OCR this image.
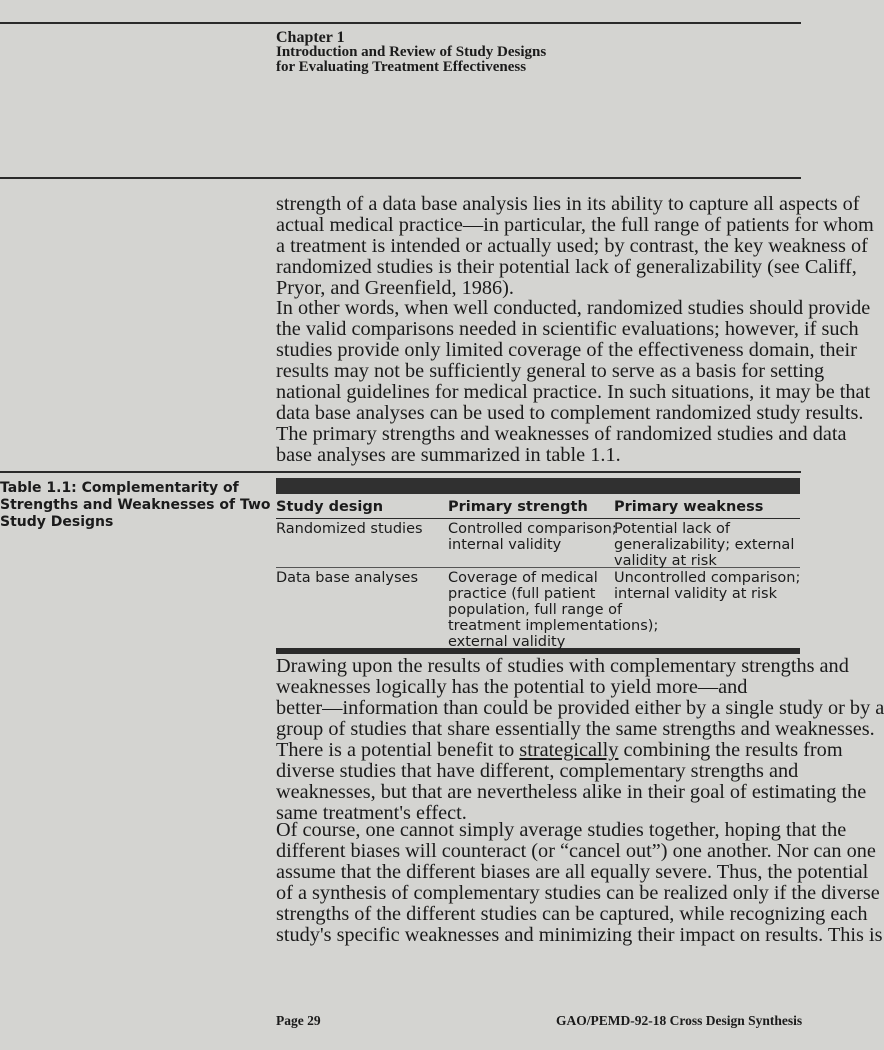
Chapter 1
Introduction and Review of Study Designs
for Evaluating Treatment Effectiveness
strength of a data base analysis lies in its ability to capture all aspects of
actual medical practice—in particular, the full range of patients for whom
a treatment is intended or actually used; by contrast, the key weakness of
randomized studies is their potential lack of generalizability (see Califf,
Pryor, and Greenfield, 1986).
In other words, when well conducted, randomized studies should provide
the valid comparisons needed in scientific evaluations; however, if such
studies provide only limited coverage of the effectiveness domain, their
results may not be sufficiently general to serve as a basis for setting
national guidelines for medical practice. In such situations, it may be that
data base analyses can be used to complement randomized study results.
The primary strengths and weaknesses of randomized studies and data
base analyses are summarized in table 1.1.
Table 1.1: Complementarity of
Strengths and Weaknesses of Two
Study Designs
Study design	Primary strength Primary weakness
Randomized studies Controlled comparison;
internal validity
Potential lack of
generalizability; external
validity at risk
Data base analyses Coverage of medical
practice (full patient
population, full range of
treatment implementations);
external validity
Uncontrolled comparison;
internal validity at risk
Drawing upon the results of studies with complementary strengths and
weaknesses logically has the potential to yield more—and
better—information than could be provided either by a single study or by a
group of studies that share essentially the same strengths and weaknesses.
There is a potential benefit to strategically combining the results from
diverse studies that have different, complementary strengths and
weaknesses, but that are nevertheless alike in their goal of estimating the
same treatment's effect.
Of course, one cannot simply average studies together, hoping that the
different biases will counteract (or “cancel out”) one another. Nor can one
assume that the different biases are all equally severe. Thus, the potential
of a synthesis of complementary studies can be realized only if the diverse
strengths of the different studies can be captured, while recognizing each
study's specific weaknesses and minimizing their impact on results. This is
Page 29	GAO/PEMD-92-18 Cross Design Synthesis
